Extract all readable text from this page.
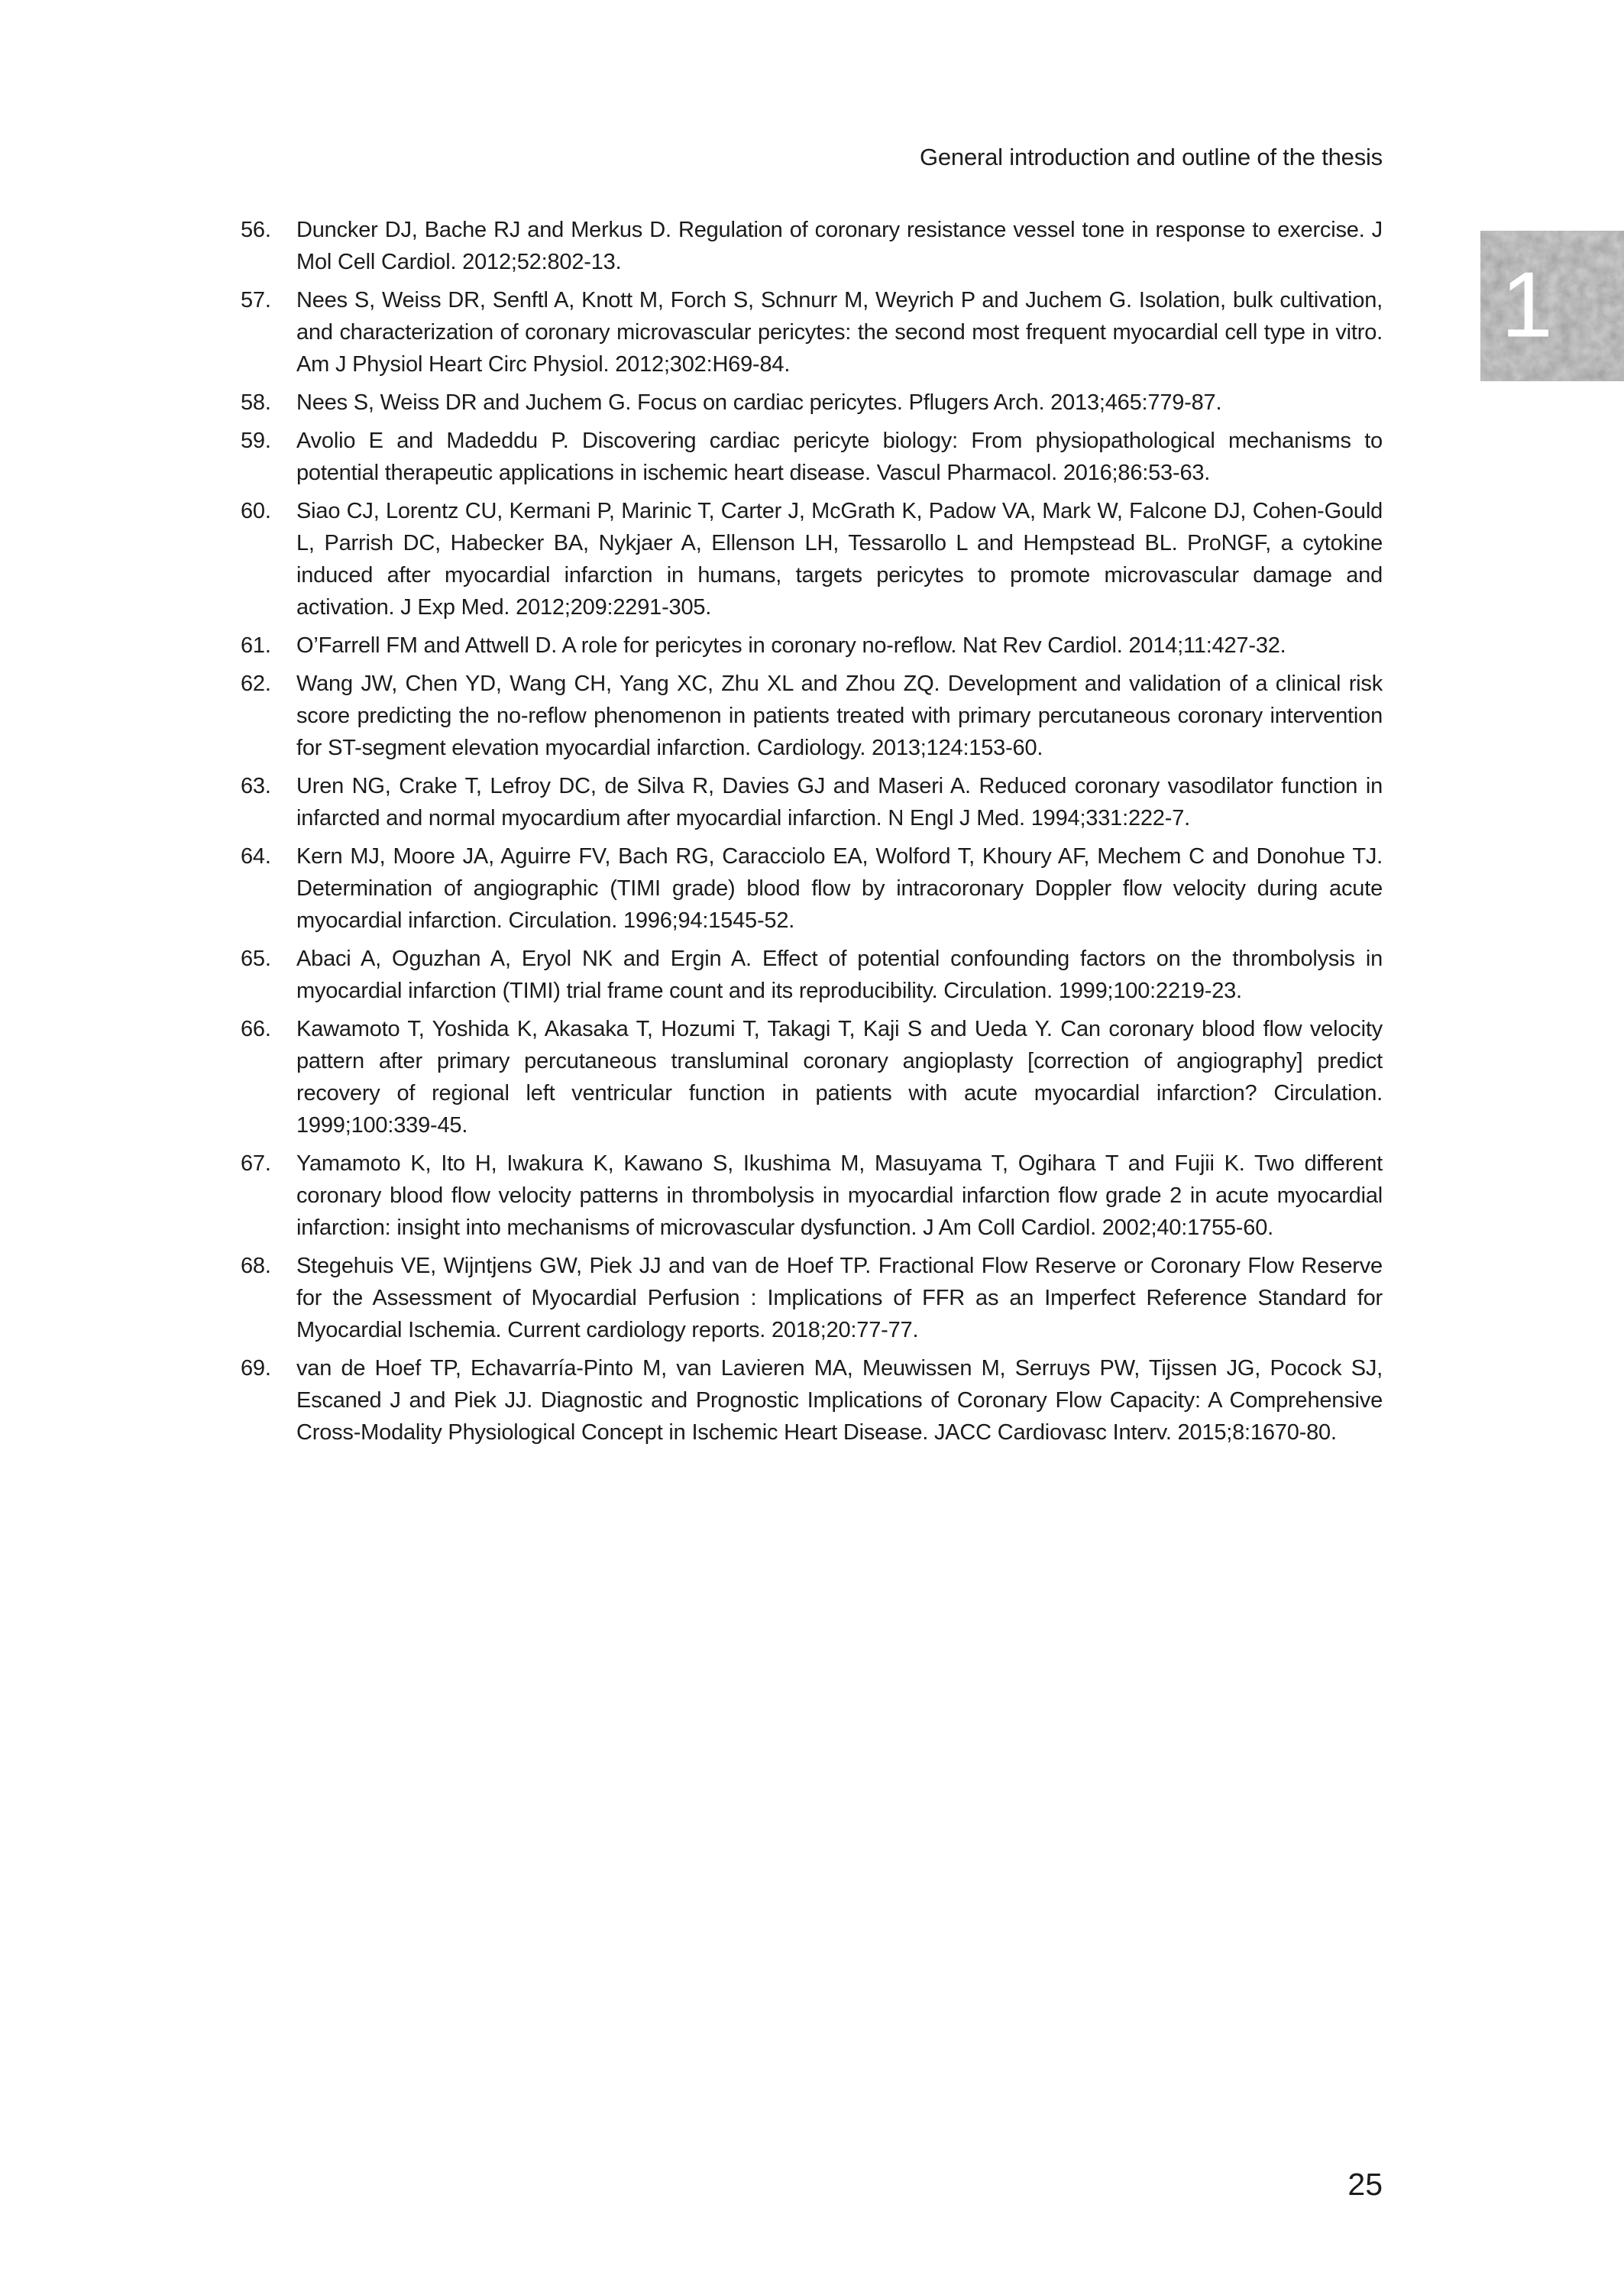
General introduction and outline of the thesis
1
56.	Duncker DJ, Bache RJ and Merkus D. Regulation of coronary resistance vessel tone in response to exercise. J Mol Cell Cardiol. 2012;52:802-13.
57.	Nees S, Weiss DR, Senftl A, Knott M, Forch S, Schnurr M, Weyrich P and Juchem G. Isolation, bulk cultivation, and characterization of coronary microvascular pericytes: the second most frequent myocardial cell type in vitro. Am J Physiol Heart Circ Physiol. 2012;302:H69-84.
58.	Nees S, Weiss DR and Juchem G. Focus on cardiac pericytes. Pflugers Arch. 2013;465:779-87.
59.	Avolio E and Madeddu P. Discovering cardiac pericyte biology: From physiopathological mechanisms to potential therapeutic applications in ischemic heart disease. Vascul Pharmacol. 2016;86:53-63.
60.	Siao CJ, Lorentz CU, Kermani P, Marinic T, Carter J, McGrath K, Padow VA, Mark W, Falcone DJ, Cohen-Gould L, Parrish DC, Habecker BA, Nykjaer A, Ellenson LH, Tessarollo L and Hempstead BL. ProNGF, a cytokine induced after myocardial infarction in humans, targets pericytes to promote microvascular damage and activation. J Exp Med. 2012;209:2291-305.
61.	O’Farrell FM and Attwell D. A role for pericytes in coronary no-reflow. Nat Rev Cardiol. 2014;11:427-32.
62.	Wang JW, Chen YD, Wang CH, Yang XC, Zhu XL and Zhou ZQ. Development and validation of a clinical risk score predicting the no-reflow phenomenon in patients treated with primary percutaneous coronary intervention for ST-segment elevation myocardial infarction. Cardiology. 2013;124:153-60.
63.	Uren NG, Crake T, Lefroy DC, de Silva R, Davies GJ and Maseri A. Reduced coronary vasodilator function in infarcted and normal myocardium after myocardial infarction. N Engl J Med. 1994;331:222-7.
64.	Kern MJ, Moore JA, Aguirre FV, Bach RG, Caracciolo EA, Wolford T, Khoury AF, Mechem C and Donohue TJ. Determination of angiographic (TIMI grade) blood flow by intracoronary Doppler flow velocity during acute myocardial infarction. Circulation. 1996;94:1545-52.
65.	Abaci A, Oguzhan A, Eryol NK and Ergin A. Effect of potential confounding factors on the thrombolysis in myocardial infarction (TIMI) trial frame count and its reproducibility. Circulation. 1999;100:2219-23.
66.	Kawamoto T, Yoshida K, Akasaka T, Hozumi T, Takagi T, Kaji S and Ueda Y. Can coronary blood flow velocity pattern after primary percutaneous transluminal coronary angioplasty [correction of angiography] predict recovery of regional left ventricular function in patients with acute myocardial infarction? Circulation. 1999;100:339-45.
67.	Yamamoto K, Ito H, Iwakura K, Kawano S, Ikushima M, Masuyama T, Ogihara T and Fujii K. Two different coronary blood flow velocity patterns in thrombolysis in myocardial infarction flow grade 2 in acute myocardial infarction: insight into mechanisms of microvascular dysfunction. J Am Coll Cardiol. 2002;40:1755-60.
68.	Stegehuis VE, Wijntjens GW, Piek JJ and van de Hoef TP. Fractional Flow Reserve or Coronary Flow Reserve for the Assessment of Myocardial Perfusion : Implications of FFR as an Imperfect Reference Standard for Myocardial Ischemia. Current cardiology reports. 2018;20:77-77.
69.	van de Hoef TP, Echavarría-Pinto M, van Lavieren MA, Meuwissen M, Serruys PW, Tijssen JG, Pocock SJ, Escaned J and Piek JJ. Diagnostic and Prognostic Implications of Coronary Flow Capacity: A Comprehensive Cross-Modality Physiological Concept in Ischemic Heart Disease. JACC Cardiovasc Interv. 2015;8:1670-80.
25
